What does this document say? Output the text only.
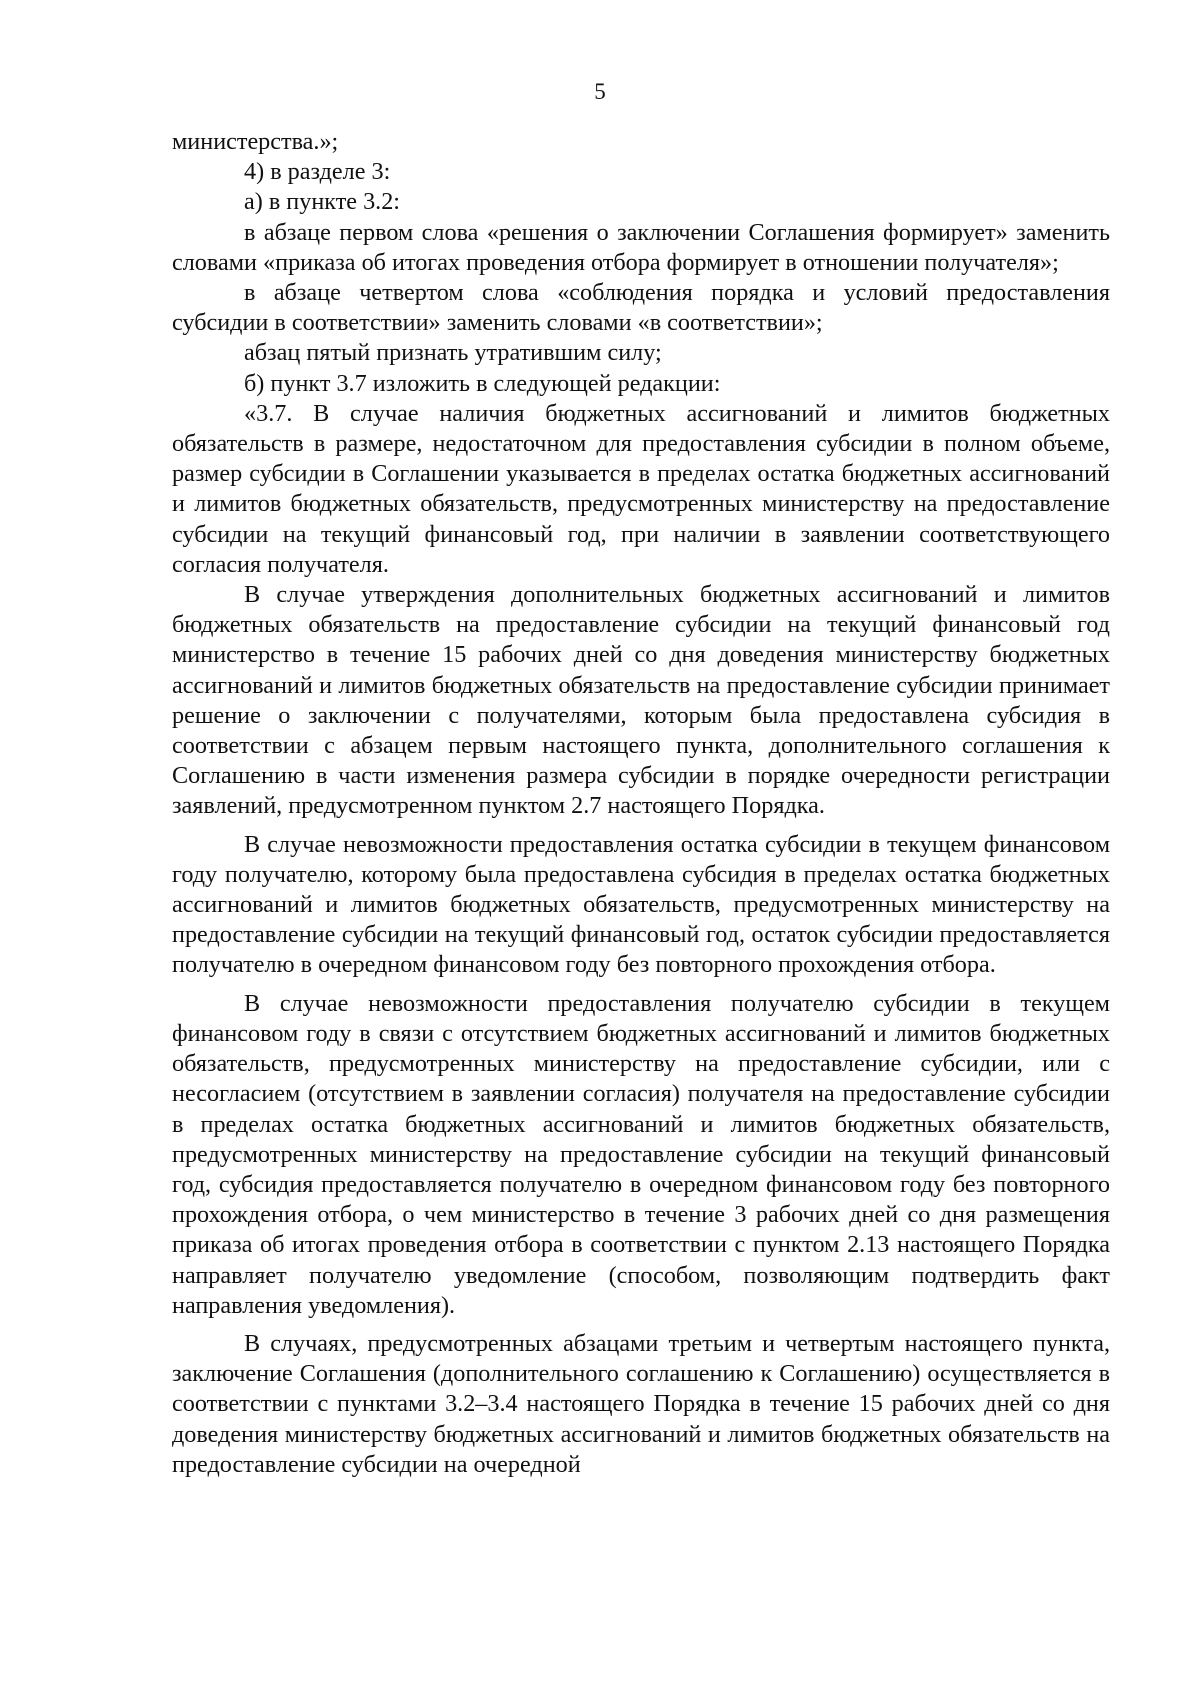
5

министерства.»;

4) в разделе 3:

а) в пункте 3.2:

в абзаце первом слова «решения о заключении Соглашения формирует» заменить словами «приказа об итогах проведения отбора формирует в отношении получателя»;

в абзаце четвертом слова «соблюдения порядка и условий предоставления субсидии в соответствии» заменить словами «в соответствии»;

абзац пятый признать утратившим силу;

б) пункт 3.7 изложить в следующей редакции:

«3.7. В случае наличия бюджетных ассигнований и лимитов бюджетных обязательств в размере, недостаточном для предоставления субсидии в полном объеме, размер субсидии в Соглашении указывается в пределах остатка бюджетных ассигнований и лимитов бюджетных обязательств, предусмотренных министерству на предоставление субсидии на текущий финансовый год, при наличии в заявлении соответствующего согласия получателя.

В случае утверждения дополнительных бюджетных ассигнований и лимитов бюджетных обязательств на предоставление субсидии на текущий финансовый год министерство в течение 15 рабочих дней со дня доведения министерству бюджетных ассигнований и лимитов бюджетных обязательств на предоставление субсидии принимает решение о заключении с получателями, которым была предоставлена субсидия в соответствии с абзацем первым настоящего пункта, дополнительного соглашения к Соглашению в части изменения размера субсидии в порядке очередности регистрации заявлений, предусмотренном пунктом 2.7 настоящего Порядка.

В случае невозможности предоставления остатка субсидии в текущем финансовом году получателю, которому была предоставлена субсидия в пределах остатка бюджетных ассигнований и лимитов бюджетных обязательств, предусмотренных министерству на предоставление субсидии на текущий финансовый год, остаток субсидии предоставляется получателю в очередном финансовом году без повторного прохождения отбора.

В случае невозможности предоставления получателю субсидии в текущем финансовом году в связи с отсутствием бюджетных ассигнований и лимитов бюджетных обязательств, предусмотренных министерству на предоставление субсидии, или с несогласием (отсутствием в заявлении согласия) получателя на предоставление субсидии в пределах остатка бюджетных ассигнований и лимитов бюджетных обязательств, предусмотренных министерству на предоставление субсидии на текущий финансовый год, субсидия предоставляется получателю в очередном финансовом году без повторного прохождения отбора, о чем министерство в течение 3 рабочих дней со дня размещения приказа об итогах проведения отбора в соответствии с пунктом 2.13 настоящего Порядка направляет получателю уведомление (способом, позволяющим подтвердить факт направления уведомления).

В случаях, предусмотренных абзацами третьим и четвертым настоящего пункта, заключение Соглашения (дополнительного соглашению к Соглашению) осуществляется в соответствии с пунктами 3.2–3.4 настоящего Порядка в течение 15 рабочих дней со дня доведения министерству бюджетных ассигнований и лимитов бюджетных обязательств на предоставление субсидии на очередной
